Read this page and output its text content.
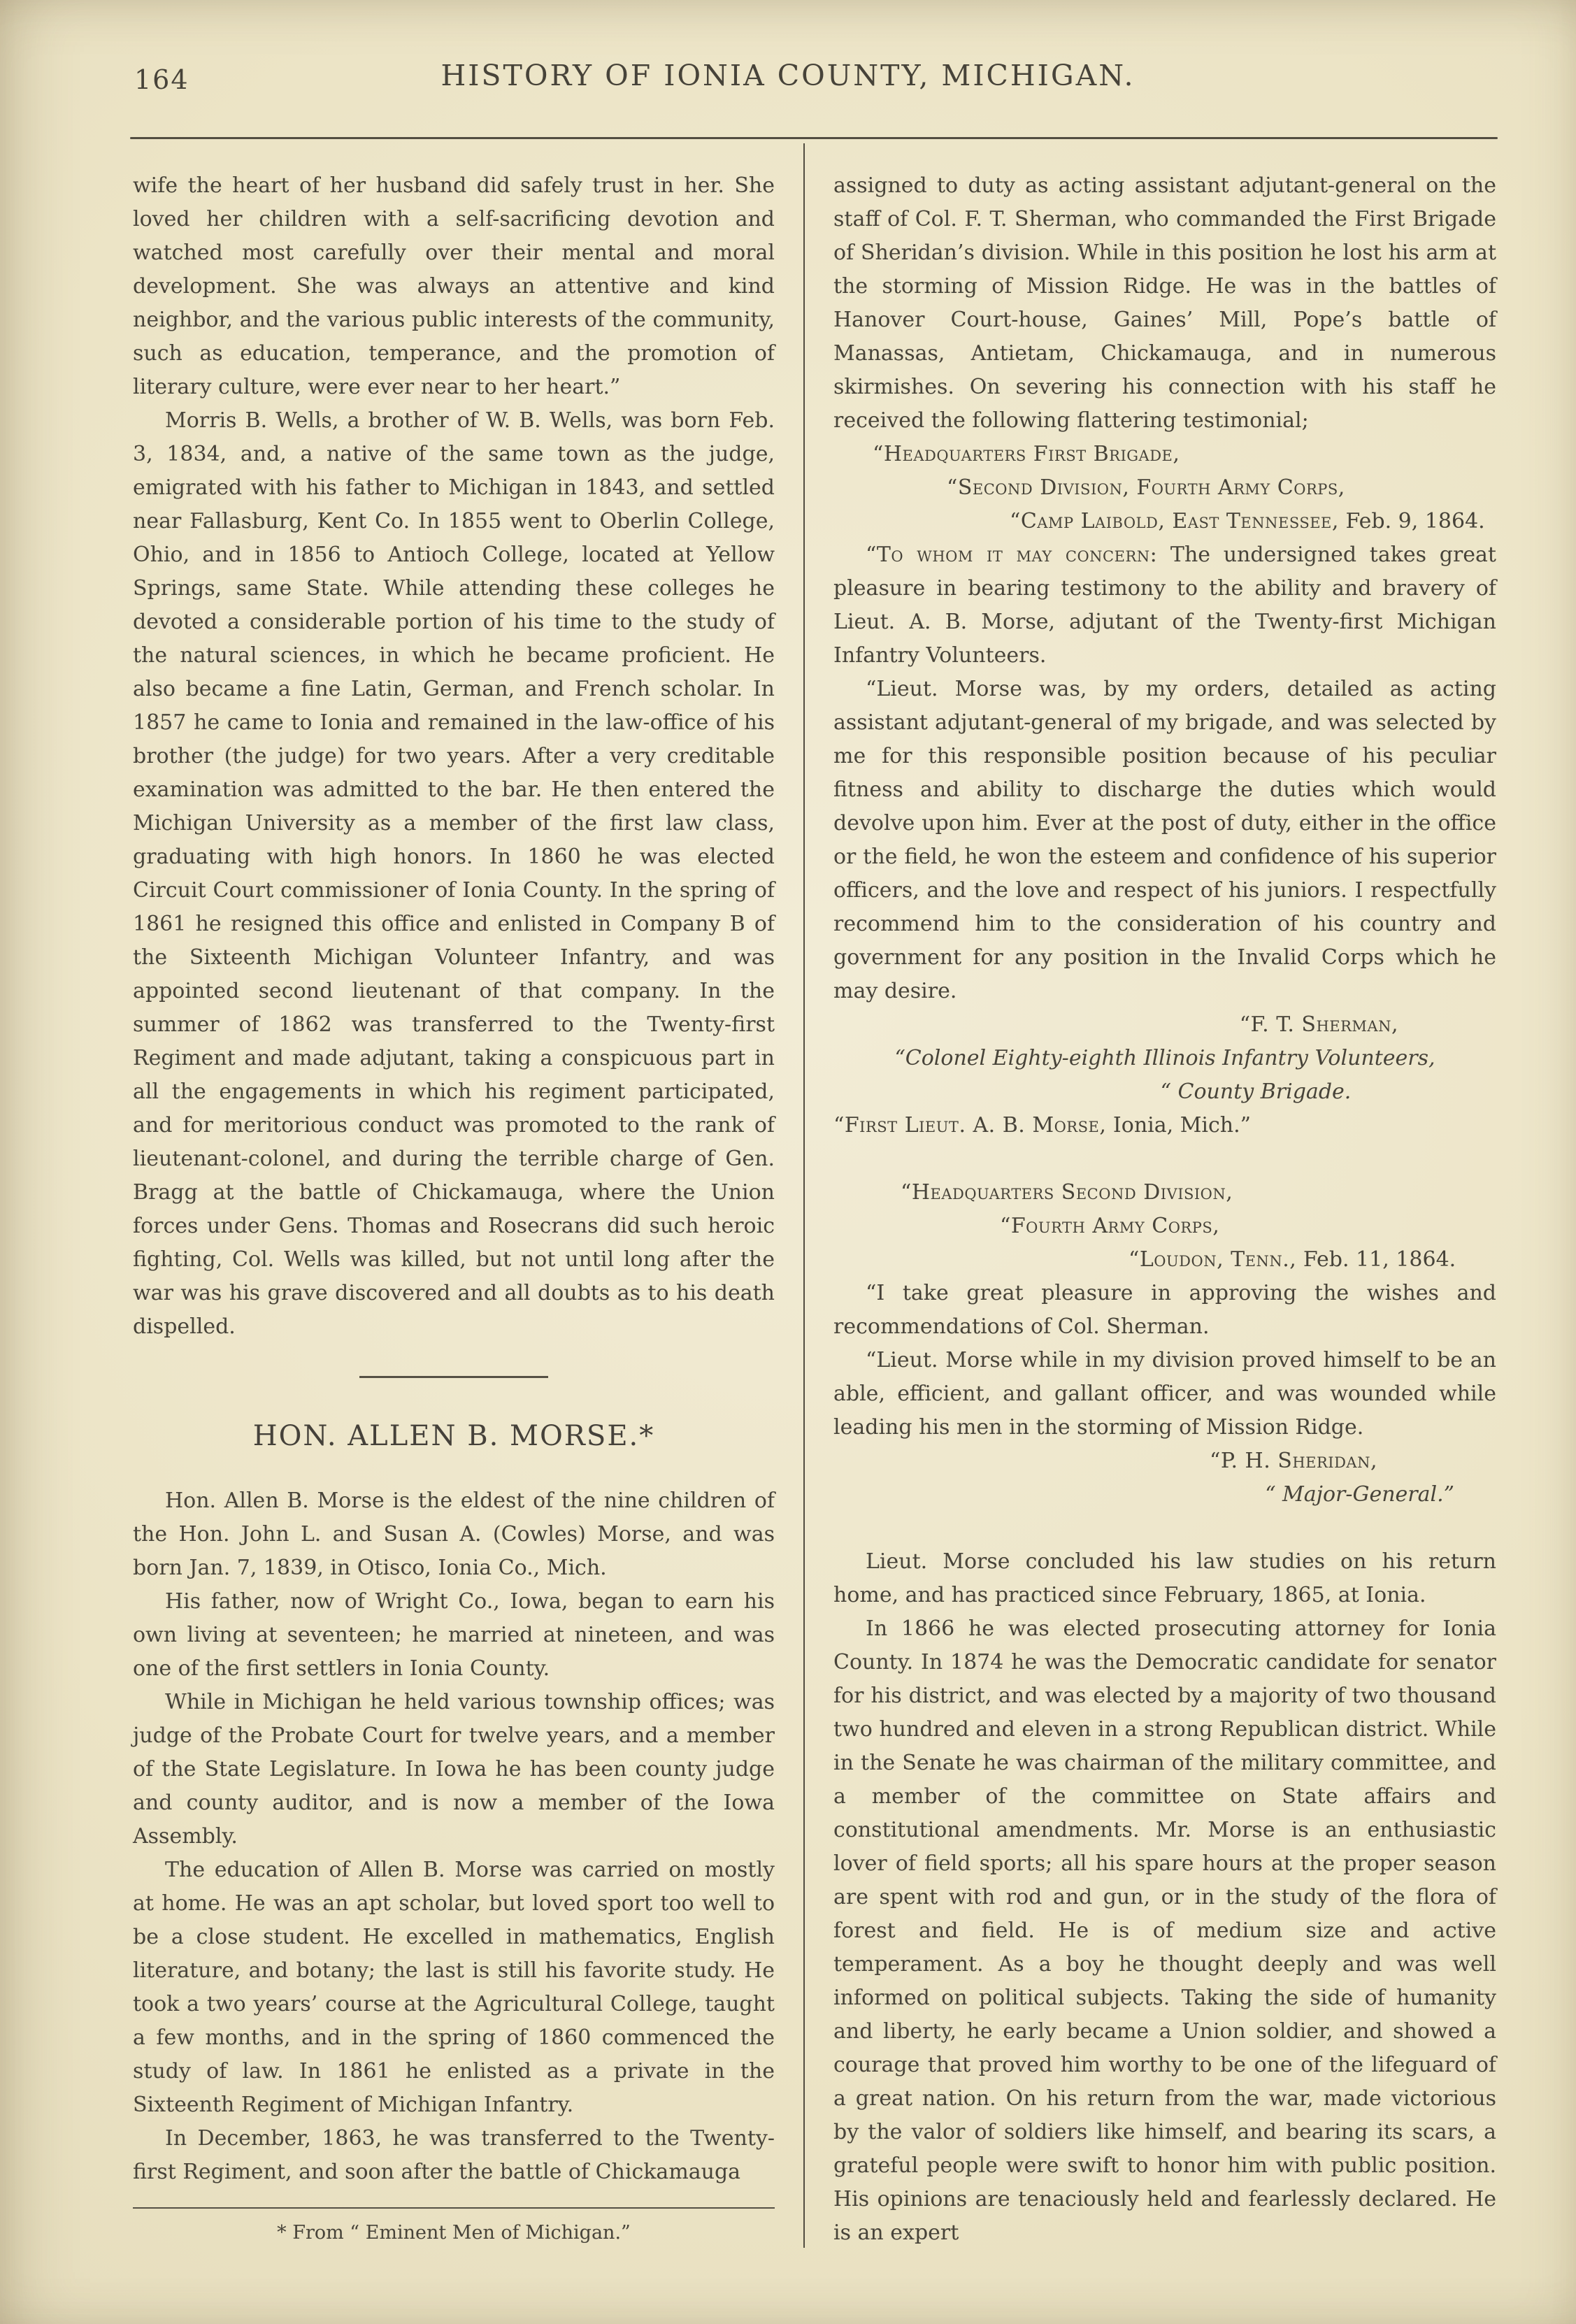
164	HISTORY OF IONIA COUNTY, MICHIGAN.

wife the heart of her husband did safely trust in her. She loved her children with a self-sacrificing devotion and watched most carefully over their mental and moral development. She was always an attentive and kind neighbor, and the various public interests of the community, such as education, temperance, and the promotion of literary culture, were ever near to her heart.”

Morris B. Wells, a brother of W. B. Wells, was born Feb. 3, 1834, and, a native of the same town as the judge, emigrated with his father to Michigan in 1843, and settled near Fallasburg, Kent Co. In 1855 went to Oberlin College, Ohio, and in 1856 to Antioch College, located at Yellow Springs, same State. While attending these colleges he devoted a considerable portion of his time to the study of the natural sciences, in which he became proficient. He also became a fine Latin, German, and French scholar. In 1857 he came to Ionia and remained in the law-office of his brother (the judge) for two years. After a very creditable examination was admitted to the bar. He then entered the Michigan University as a member of the first law class, graduating with high honors. In 1860 he was elected Circuit Court commissioner of Ionia County. In the spring of 1861 he resigned this office and enlisted in Company B of the Sixteenth Michigan Volunteer Infantry, and was appointed second lieutenant of that company. In the summer of 1862 was transferred to the Twenty-first Regiment and made adjutant, taking a conspicuous part in all the engagements in which his regiment participated, and for meritorious conduct was promoted to the rank of lieutenant-colonel, and during the terrible charge of Gen. Bragg at the battle of Chickamauga, where the Union forces under Gens. Thomas and Rosecrans did such heroic fighting, Col. Wells was killed, but not until long after the war was his grave discovered and all doubts as to his death dispelled.

HON. ALLEN B. MORSE.*

Hon. Allen B. Morse is the eldest of the nine children of the Hon. John L. and Susan A. (Cowles) Morse, and was born Jan. 7, 1839, in Otisco, Ionia Co., Mich.

His father, now of Wright Co., Iowa, began to earn his own living at seventeen; he married at nineteen, and was one of the first settlers in Ionia County.

While in Michigan he held various township offices; was judge of the Probate Court for twelve years, and a member of the State Legislature. In Iowa he has been county judge and county auditor, and is now a member of the Iowa Assembly.

The education of Allen B. Morse was carried on mostly at home. He was an apt scholar, but loved sport too well to be a close student. He excelled in mathematics, English literature, and botany; the last is still his favorite study. He took a two years’ course at the Agricultural College, taught a few months, and in the spring of 1860 commenced the study of law. In 1861 he enlisted as a private in the Sixteenth Regiment of Michigan Infantry.

In December, 1863, he was transferred to the Twenty-first Regiment, and soon after the battle of Chickamauga

* From “ Eminent Men of Michigan.”

assigned to duty as acting assistant adjutant-general on the staff of Col. F. T. Sherman, who commanded the First Brigade of Sheridan’s division. While in this position he lost his arm at the storming of Mission Ridge. He was in the battles of Hanover Court-house, Gaines’ Mill, Pope’s battle of Manassas, Antietam, Chickamauga, and in numerous skirmishes. On severing his connection with his staff he received the following flattering testimonial;

“Headquarters First Brigade,

“Second Division, Fourth Army Corps,

“Camp Laibold, East Tennessee, Feb. 9, 1864.

“To whom it may concern: The undersigned takes great pleasure in bearing testimony to the ability and bravery of Lieut. A. B. Morse, adjutant of the Twenty-first Michigan Infantry Volunteers.

“Lieut. Morse was, by my orders, detailed as acting assistant adjutant-general of my brigade, and was selected by me for this responsible position because of his peculiar fitness and ability to discharge the duties which would devolve upon him. Ever at the post of duty, either in the office or the field, he won the esteem and confidence of his superior officers, and the love and respect of his juniors. I respectfully recommend him to the consideration of his country and government for any position in the Invalid Corps which he may desire.

“F. T. Sherman,

“Colonel Eighty-eighth Illinois Infantry Volunteers,

“ County Brigade.

“First Lieut. A. B. Morse, Ionia, Mich.”

“Headquarters Second Division,

“Fourth Army Corps,

“Loudon, Tenn., Feb. 11, 1864.

“I take great pleasure in approving the wishes and recommendations of Col. Sherman.

“Lieut. Morse while in my division proved himself to be an able, efficient, and gallant officer, and was wounded while leading his men in the storming of Mission Ridge.

“P. H. Sheridan,

“ Major-General.”

Lieut. Morse concluded his law studies on his return home, and has practiced since February, 1865, at Ionia.

In 1866 he was elected prosecuting attorney for Ionia County. In 1874 he was the Democratic candidate for senator for his district, and was elected by a majority of two thousand two hundred and eleven in a strong Republican district. While in the Senate he was chairman of the military committee, and a member of the committee on State affairs and constitutional amendments. Mr. Morse is an enthusiastic lover of field sports; all his spare hours at the proper season are spent with rod and gun, or in the study of the flora of forest and field. He is of medium size and active temperament. As a boy he thought deeply and was well informed on political subjects. Taking the side of humanity and liberty, he early became a Union soldier, and showed a courage that proved him worthy to be one of the lifeguard of a great nation. On his return from the war, made victorious by the valor of soldiers like himself, and bearing its scars, a grateful people were swift to honor him with public position. His opinions are tenaciously held and fearlessly declared. He is an expert
